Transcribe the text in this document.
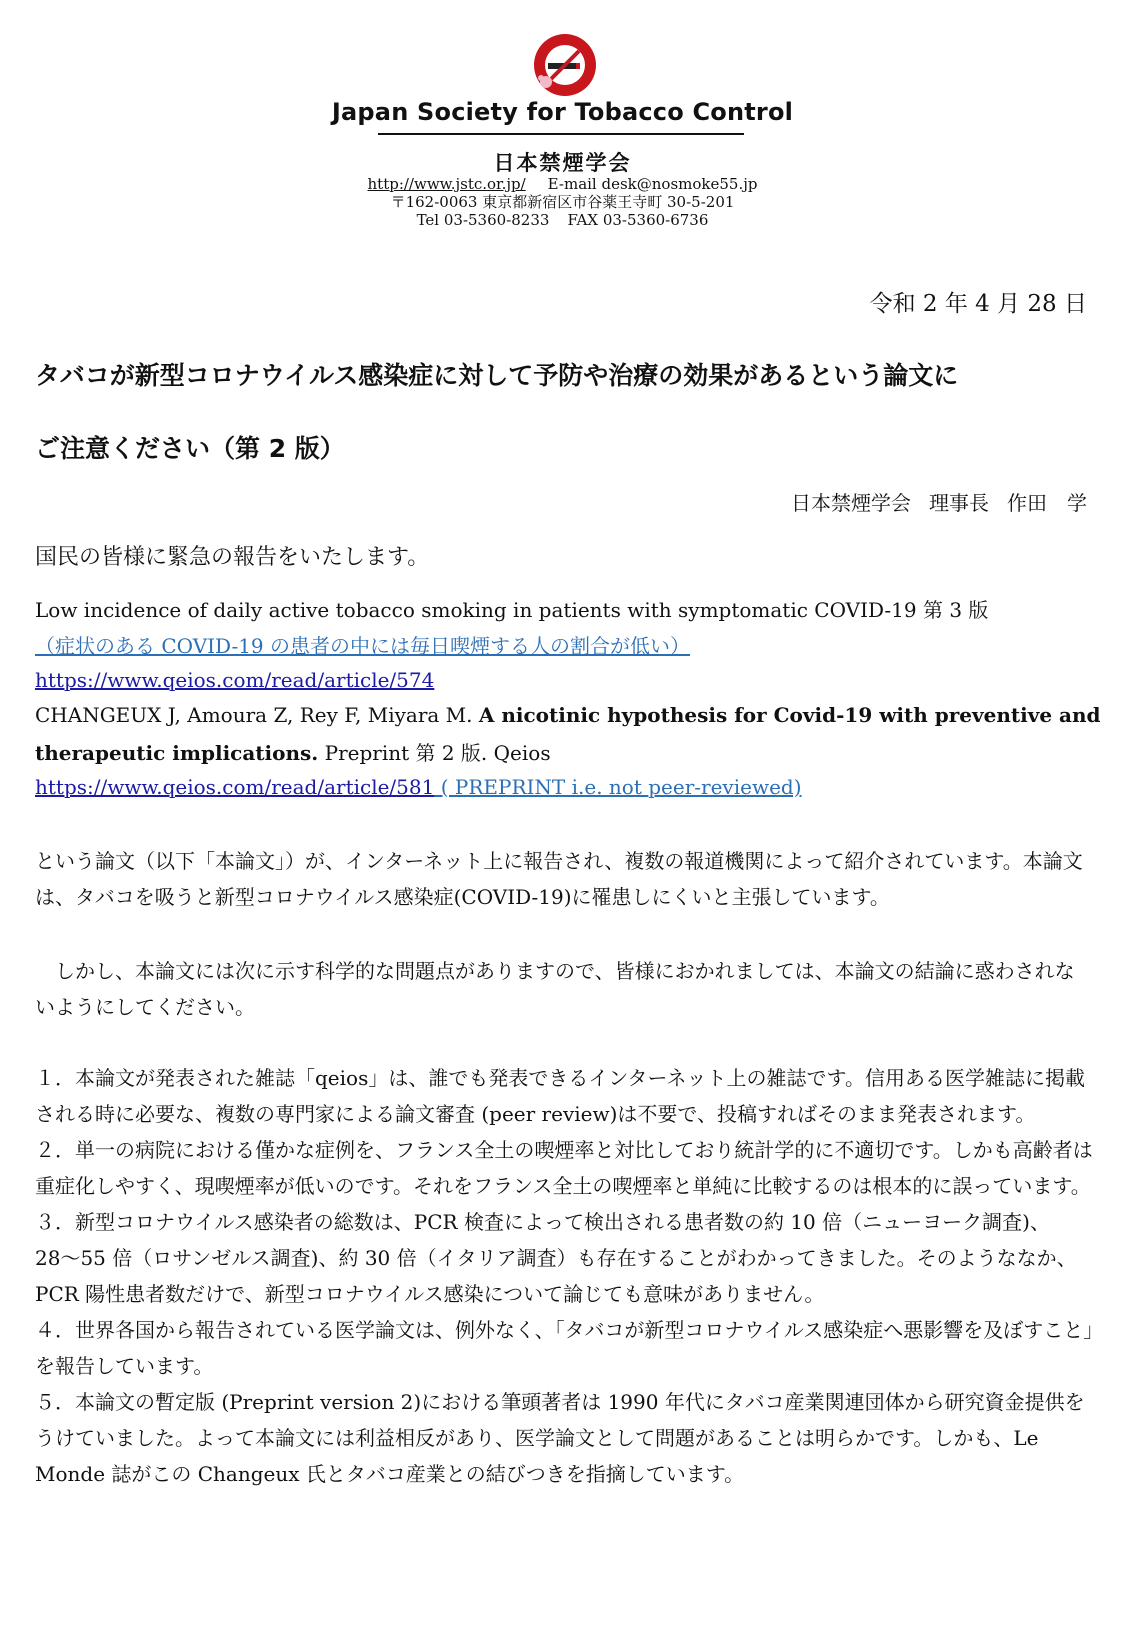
Japan Society for Tobacco Control
日本禁煙学会
http://www.jstc.or.jp/ E-mail desk@nosmoke55.jp
〒162-0063 東京都新宿区市谷薬王寺町 30-5-201
Tel 03-5360-8233 FAX 03-5360-6736
令和 2 年 4 月 28 日
タバコが新型コロナウイルス感染症に対して予防や治療の効果があるという論文に
ご注意ください（第 2 版）
日本禁煙学会 理事長 作田　学
国民の皆様に緊急の報告をいたします。
Low incidence of daily active tobacco smoking in patients with symptomatic COVID-19 第 3 版
（症状のある COVID-19 の患者の中には毎日喫煙する人の割合が低い）
https://www.qeios.com/read/article/574
CHANGEUX J, Amoura Z, Rey F, Miyara M. A nicotinic hypothesis for Covid-19 with preventive and
therapeutic implications. Preprint 第 2 版. Qeios
https://www.qeios.com/read/article/581 ( PREPRINT i.e. not peer-reviewed)
という論文（以下「本論文」）が、インターネット上に報告され、複数の報道機関によって紹介されています。本論文は、タバコを吸うと新型コロナウイルス感染症(COVID-19)に罹患しにくいと主張しています。
　しかし、本論文には次に示す科学的な問題点がありますので、皆様におかれましては、本論文の結論に惑わされないようにしてください。

１．本論文が発表された雑誌「qeios」は、誰でも発表できるインターネット上の雑誌です。信用ある医学雑誌に掲載される時に必要な、複数の専門家による論文審査 (peer review)は不要で、投稿すればそのまま発表されます。

２．単一の病院における僅かな症例を、フランス全土の喫煙率と対比しており統計学的に不適切です。しかも高齢者は重症化しやすく、現喫煙率が低いのです。それをフランス全土の喫煙率と単純に比較するのは根本的に誤っています。

３．新型コロナウイルス感染者の総数は、PCR 検査によって検出される患者数の約 10 倍（ニューヨーク調査)、28〜55 倍（ロサンゼルス調査)、約 30 倍（イタリア調査）も存在することがわかってきました。そのようななか、PCR 陽性患者数だけで、新型コロナウイルス感染について論じても意味がありません。

４．世界各国から報告されている医学論文は、例外なく、「タバコが新型コロナウイルス感染症へ悪影響を及ぼすこと」を報告しています。

５．本論文の暫定版 (Preprint version 2)における筆頭著者は 1990 年代にタバコ産業関連団体から研究資金提供をうけていました。よって本論文には利益相反があり、医学論文として問題があることは明らかです。しかも、Le Monde 誌がこの Changeux 氏とタバコ産業との結びつきを指摘しています。
